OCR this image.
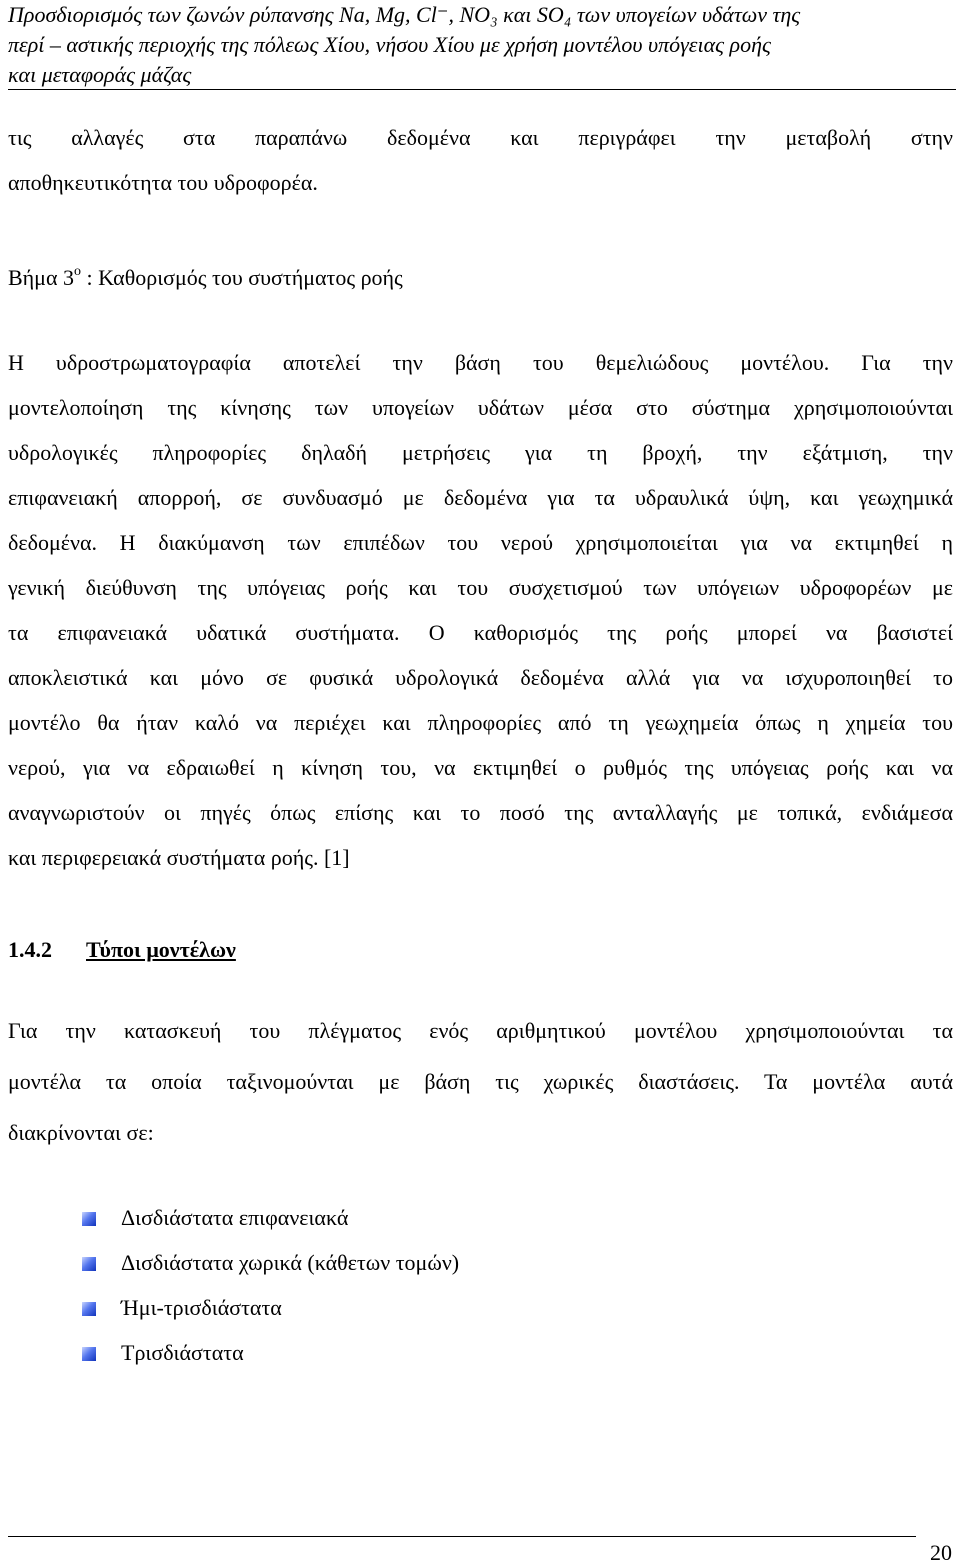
Προσδιορισμός των ζωνών ρύπανσης Na, Mg, Cl⁻, NO₃ και SO₄ των υπογείων υδάτων της
περί – αστικής περιοχής της πόλεως Χίου, νήσου Χίου με χρήση μοντέλου υπόγειας ροής
και μεταφοράς μάζας
τις αλλαγές στα παραπάνω δεδομένα και περιγράφει την μεταβολή στην
αποθηκευτικότητα του υδροφορέα.
Βήμα $3^o$ : Καθορισμός του συστήματος ροής
Η υδροστρωματογραφία αποτελεί την βάση του θεμελιώδους μοντέλου. Για την
μοντελοποίηση της κίνησης των υπογείων υδάτων μέσα στο σύστημα χρησιμοποιούνται
υδρολογικές πληροφορίες δηλαδή μετρήσεις για τη βροχή, την εξάτμιση, την
επιφανειακή απορροή, σε συνδυασμό με δεδομένα για τα υδραυλικά ύψη, και γεωχημικά
δεδομένα. Η διακύμανση των επιπέδων του νερού χρησιμοποιείται για να εκτιμηθεί η
γενική διεύθυνση της υπόγειας ροής και του συσχετισμού των υπόγειων υδροφορέων με
τα επιφανειακά υδατικά συστήματα. Ο καθορισμός της ροής μπορεί να βασιστεί
αποκλειστικά και μόνο σε φυσικά υδρολογικά δεδομένα αλλά για να ισχυροποιηθεί το
μοντέλο θα ήταν καλό να περιέχει και πληροφορίες από τη γεωχημεία όπως η χημεία του
νερού, για να εδραιωθεί η κίνηση του, να εκτιμηθεί ο ρυθμός της υπόγειας ροής και να
αναγνωριστούν οι πηγές όπως επίσης και το ποσό της ανταλλαγής με τοπικά, ενδιάμεσα
και περιφερειακά συστήματα ροής. [1]
1.4.2 Τύποι μοντέλων
Για την κατασκευή του πλέγματος ενός αριθμητικού μοντέλου χρησιμοποιούνται τα
μοντέλα τα οποία ταξινομούνται με βάση τις χωρικές διαστάσεις. Τα μοντέλα αυτά
διακρίνονται σε:
Δισδιάστατα επιφανειακά
Δισδιάστατα χωρικά (κάθετων τομών)
Ήμι-τρισδιάστατα
Τρισδιάστατα
20
